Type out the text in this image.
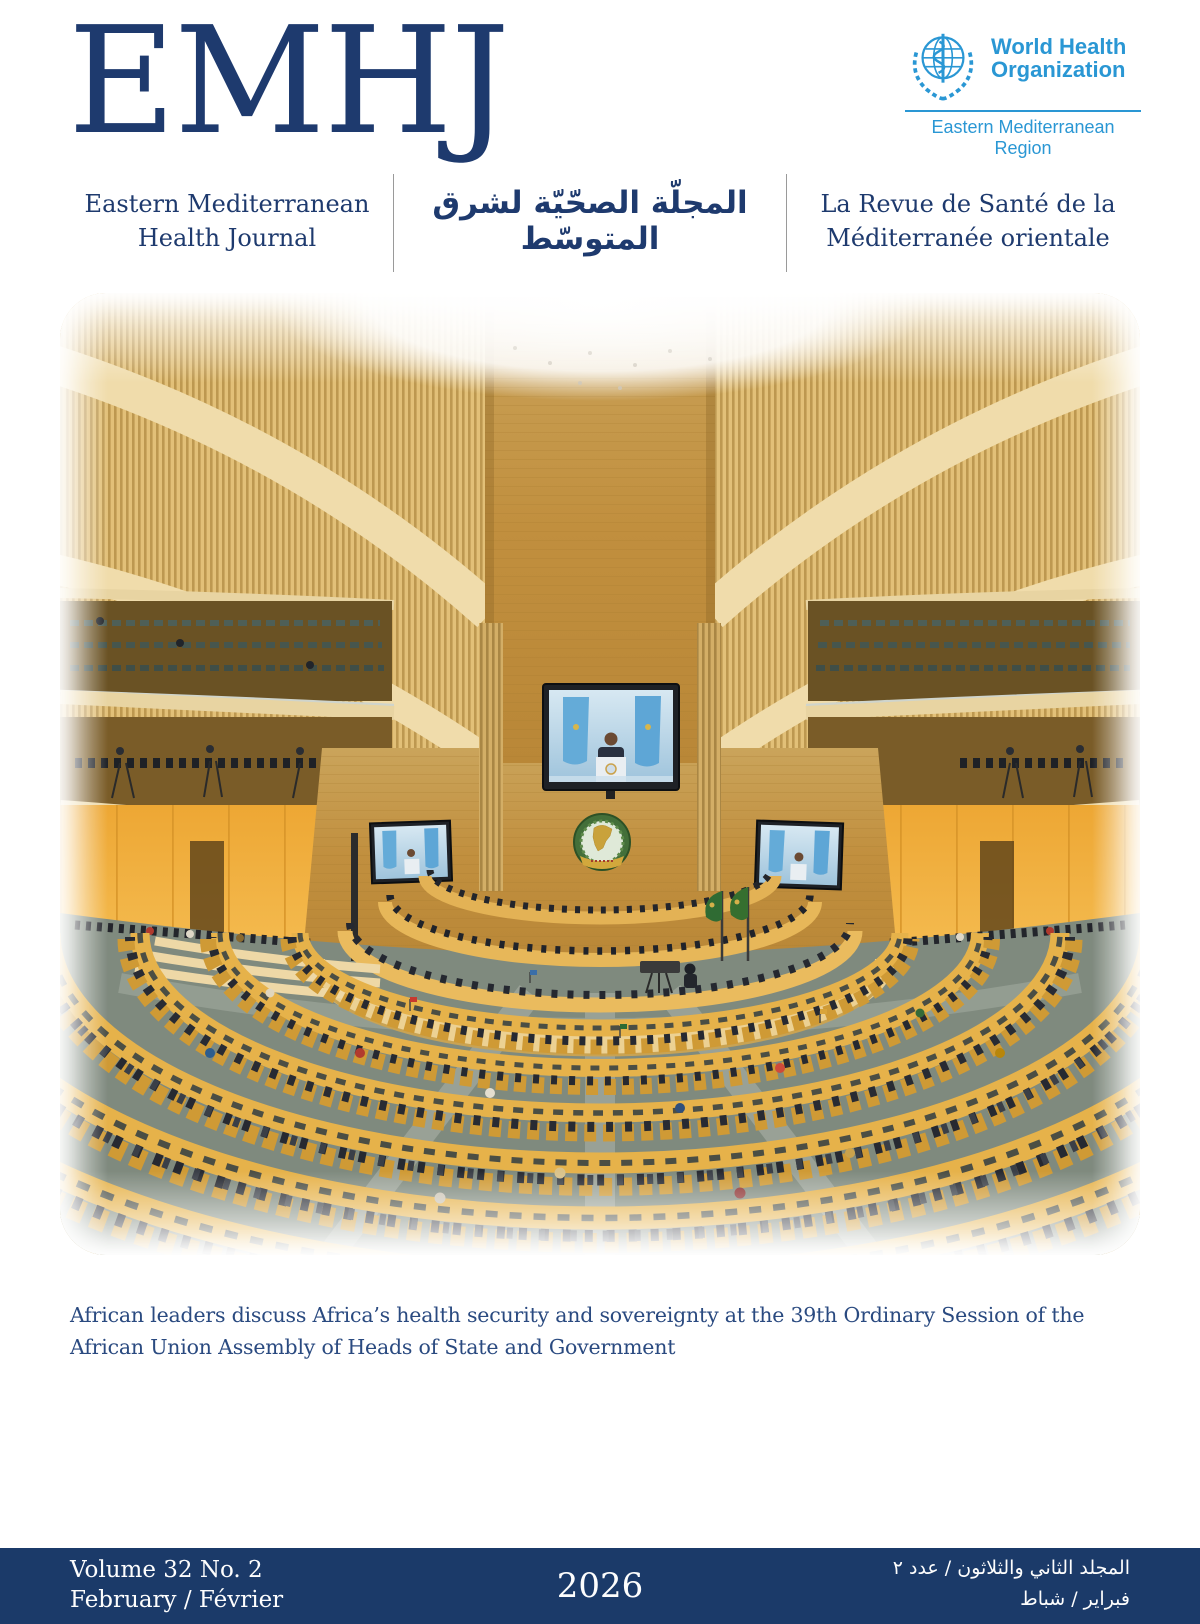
EMHJ	World Health
Organization
Eastern Mediterranean Region
Eastern Mediterranean
Health Journal
المجلّة الصحّيّة لشرق المتوسّط
La Revue de Santé de la
Méditerranée orientale
African leaders discuss Africa’s health security and sovereignty at the 39th Ordinary Session of the African Union Assembly of Heads of State and Government
Volume 32 No. 2
February / Février	2026	المجلد الثاني والثلاثون / عدد ٢
فبراير / شباط
